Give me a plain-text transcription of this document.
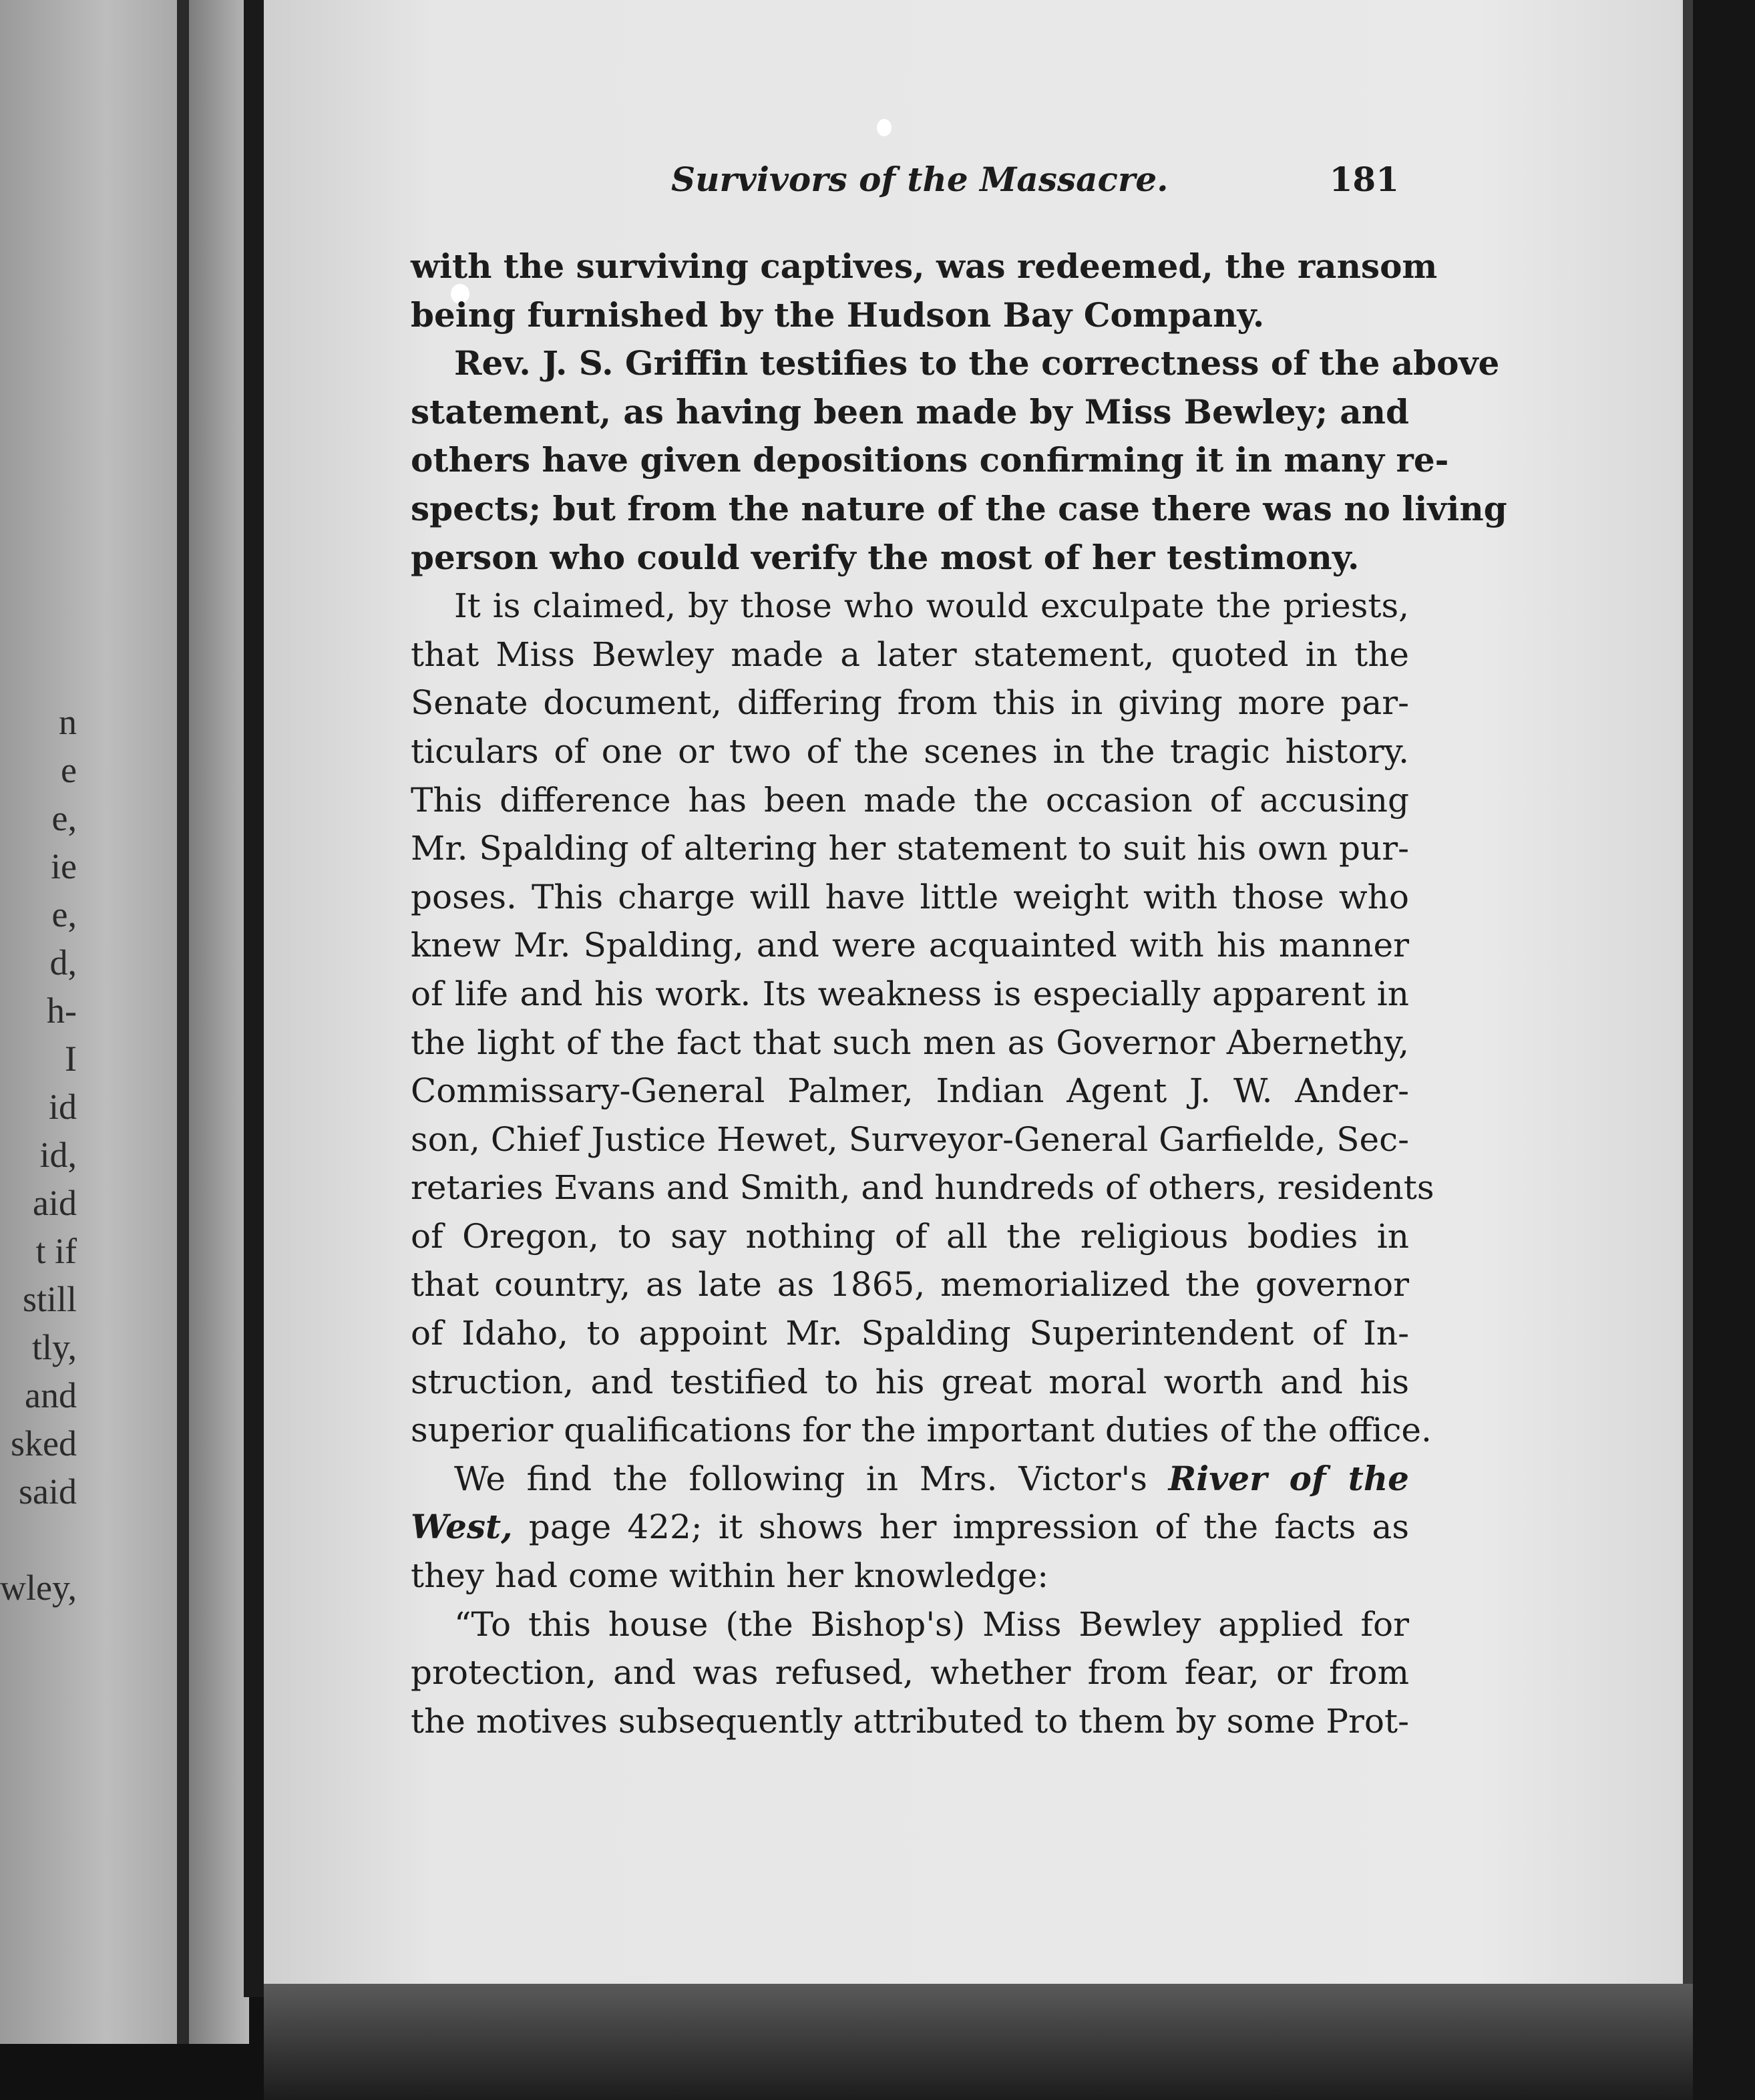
n
e
e,
ie
e,
d,
h-
I
id
id,
aid
t if
still
tly,
and
sked
said
wley,
Survivors of the Massacre.	181

with the surviving captives, was redeemed, the ransom
being furnished by the Hudson Bay Company.

Rev. J. S. Griffin testifies to the correctness of the above
statement, as having been made by Miss Bewley; and
others have given depositions confirming it in many re-
spects; but from the nature of the case there was no living
person who could verify the most of her testimony.

It is claimed, by those who would exculpate the priests,
that Miss Bewley made a later statement, quoted in the
Senate document, differing from this in giving more par-
ticulars of one or two of the scenes in the tragic history.
This difference has been made the occasion of accusing
Mr. Spalding of altering her statement to suit his own pur-
poses. This charge will have little weight with those who
knew Mr. Spalding, and were acquainted with his manner
of life and his work. Its weakness is especially apparent in
the light of the fact that such men as Governor Abernethy,
Commissary-General Palmer, Indian Agent J. W. Ander-
son, Chief Justice Hewet, Surveyor-General Garfielde, Sec-
retaries Evans and Smith, and hundreds of others, residents
of Oregon, to say nothing of all the religious bodies in
that country, as late as 1865, memorialized the governor
of Idaho, to appoint Mr. Spalding Superintendent of In-
struction, and testified to his great moral worth and his
superior qualifications for the important duties of the office.

We find the following in Mrs. Victor's River of the
West, page 422; it shows her impression of the facts as
they had come within her knowledge:

“To this house (the Bishop's) Miss Bewley applied for
protection, and was refused, whether from fear, or from
the motives subsequently attributed to them by some Prot-
